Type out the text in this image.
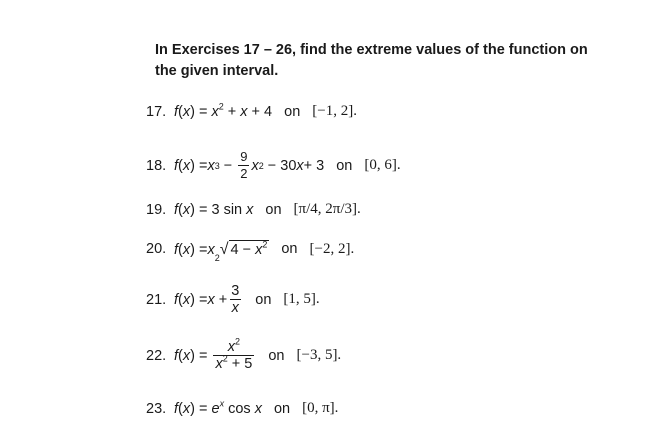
In Exercises 17 – 26, find the extreme values of the function on the given interval.
17. $f(x) = x^2 + x + 4$ on [−1, 2].
18. f ( x ) = x $3 - \frac{9}{2}$ x 2 − 30 x + 3 on [0, 6].
19. f(x) = 3 sin x on [π/4, 2π/3].
20. f ( x ) = x 2 √ $4 - x^2$ on [−2, 2].
21. f ( x ) = $x + \frac{3}{x}$ on [1, 5].
22. f ( x ) = $\frac{x^2}{x^2 + 5}$ on [−3, 5].
23. $f(x) = e^x$ cos x on [0, π].
